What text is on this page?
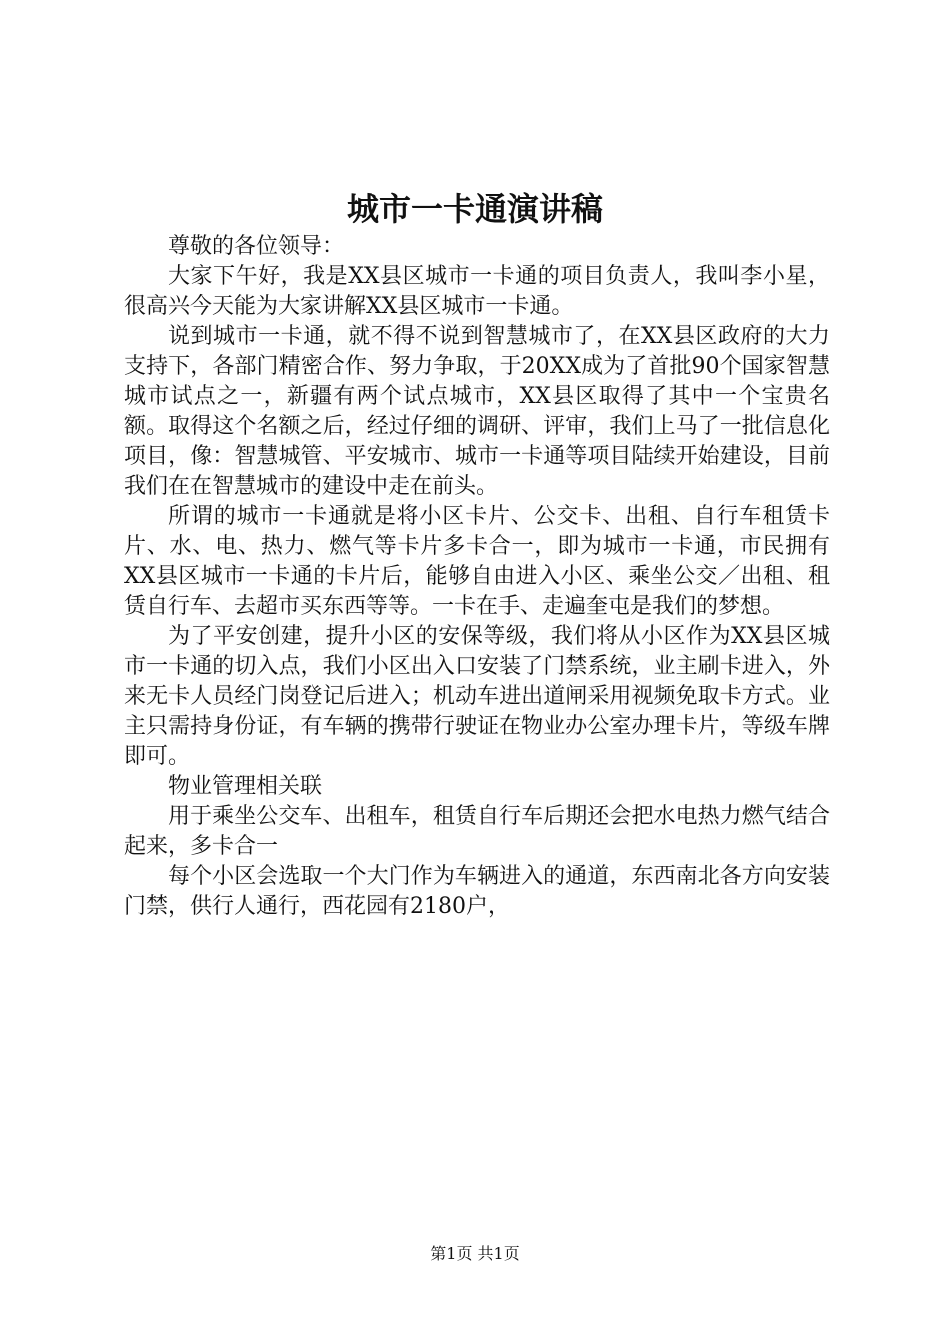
城市一卡通演讲稿

尊敬的各位领导：

大家下午好，我是XX县区城市一卡通的项目负责人，我叫李小星，很高兴今天能为大家讲解XX县区城市一卡通。

说到城市一卡通，就不得不说到智慧城市了，在XX县区政府的大力支持下，各部门精密合作、努力争取，于20XX成为了首批90个国家智慧城市试点之一，新疆有两个试点城市，XX县区取得了其中一个宝贵名额。取得这个名额之后，经过仔细的调研、评审，我们上马了一批信息化项目，像：智慧城管、平安城市、城市一卡通等项目陆续开始建设，目前我们在在智慧城市的建设中走在前头。

所谓的城市一卡通就是将小区卡片、公交卡、出租、自行车租赁卡片、水、电、热力、燃气等卡片多卡合一，即为城市一卡通，市民拥有XX县区城市一卡通的卡片后，能够自由进入小区、乘坐公交／出租、租赁自行车、去超市买东西等等。一卡在手、走遍奎屯是我们的梦想。

为了平安创建，提升小区的安保等级，我们将从小区作为XX县区城市一卡通的切入点，我们小区出入口安装了门禁系统，业主刷卡进入，外来无卡人员经门岗登记后进入；机动车进出道闸采用视频免取卡方式。业主只需持身份证，有车辆的携带行驶证在物业办公室办理卡片，等级车牌即可。

物业管理相关联

用于乘坐公交车、出租车，租赁自行车后期还会把水电热力燃气结合起来，多卡合一

每个小区会选取一个大门作为车辆进入的通道，东西南北各方向安装门禁，供行人通行，西花园有2180户，

第1页 共1页
